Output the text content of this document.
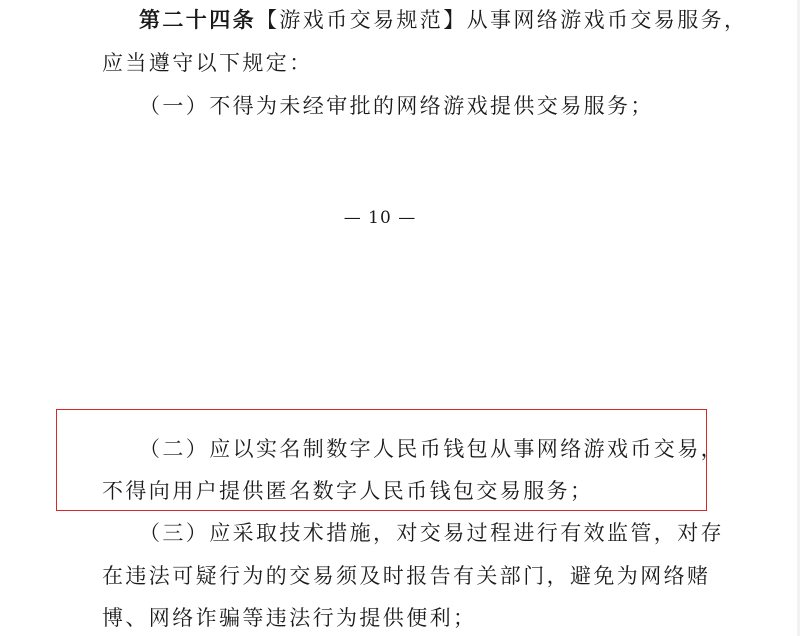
第二十四条【游戏币交易规范】从事网络游戏币交易服务，
应当遵守以下规定：
（一）不得为未经审批的网络游戏提供交易服务；
— 10 —
（二）应以实名制数字人民币钱包从事网络游戏币交易，
不得向用户提供匿名数字人民币钱包交易服务；
（三）应采取技术措施，对交易过程进行有效监管，对存
在违法可疑行为的交易须及时报告有关部门，避免为网络赌
博、网络诈骗等违法行为提供便利；
